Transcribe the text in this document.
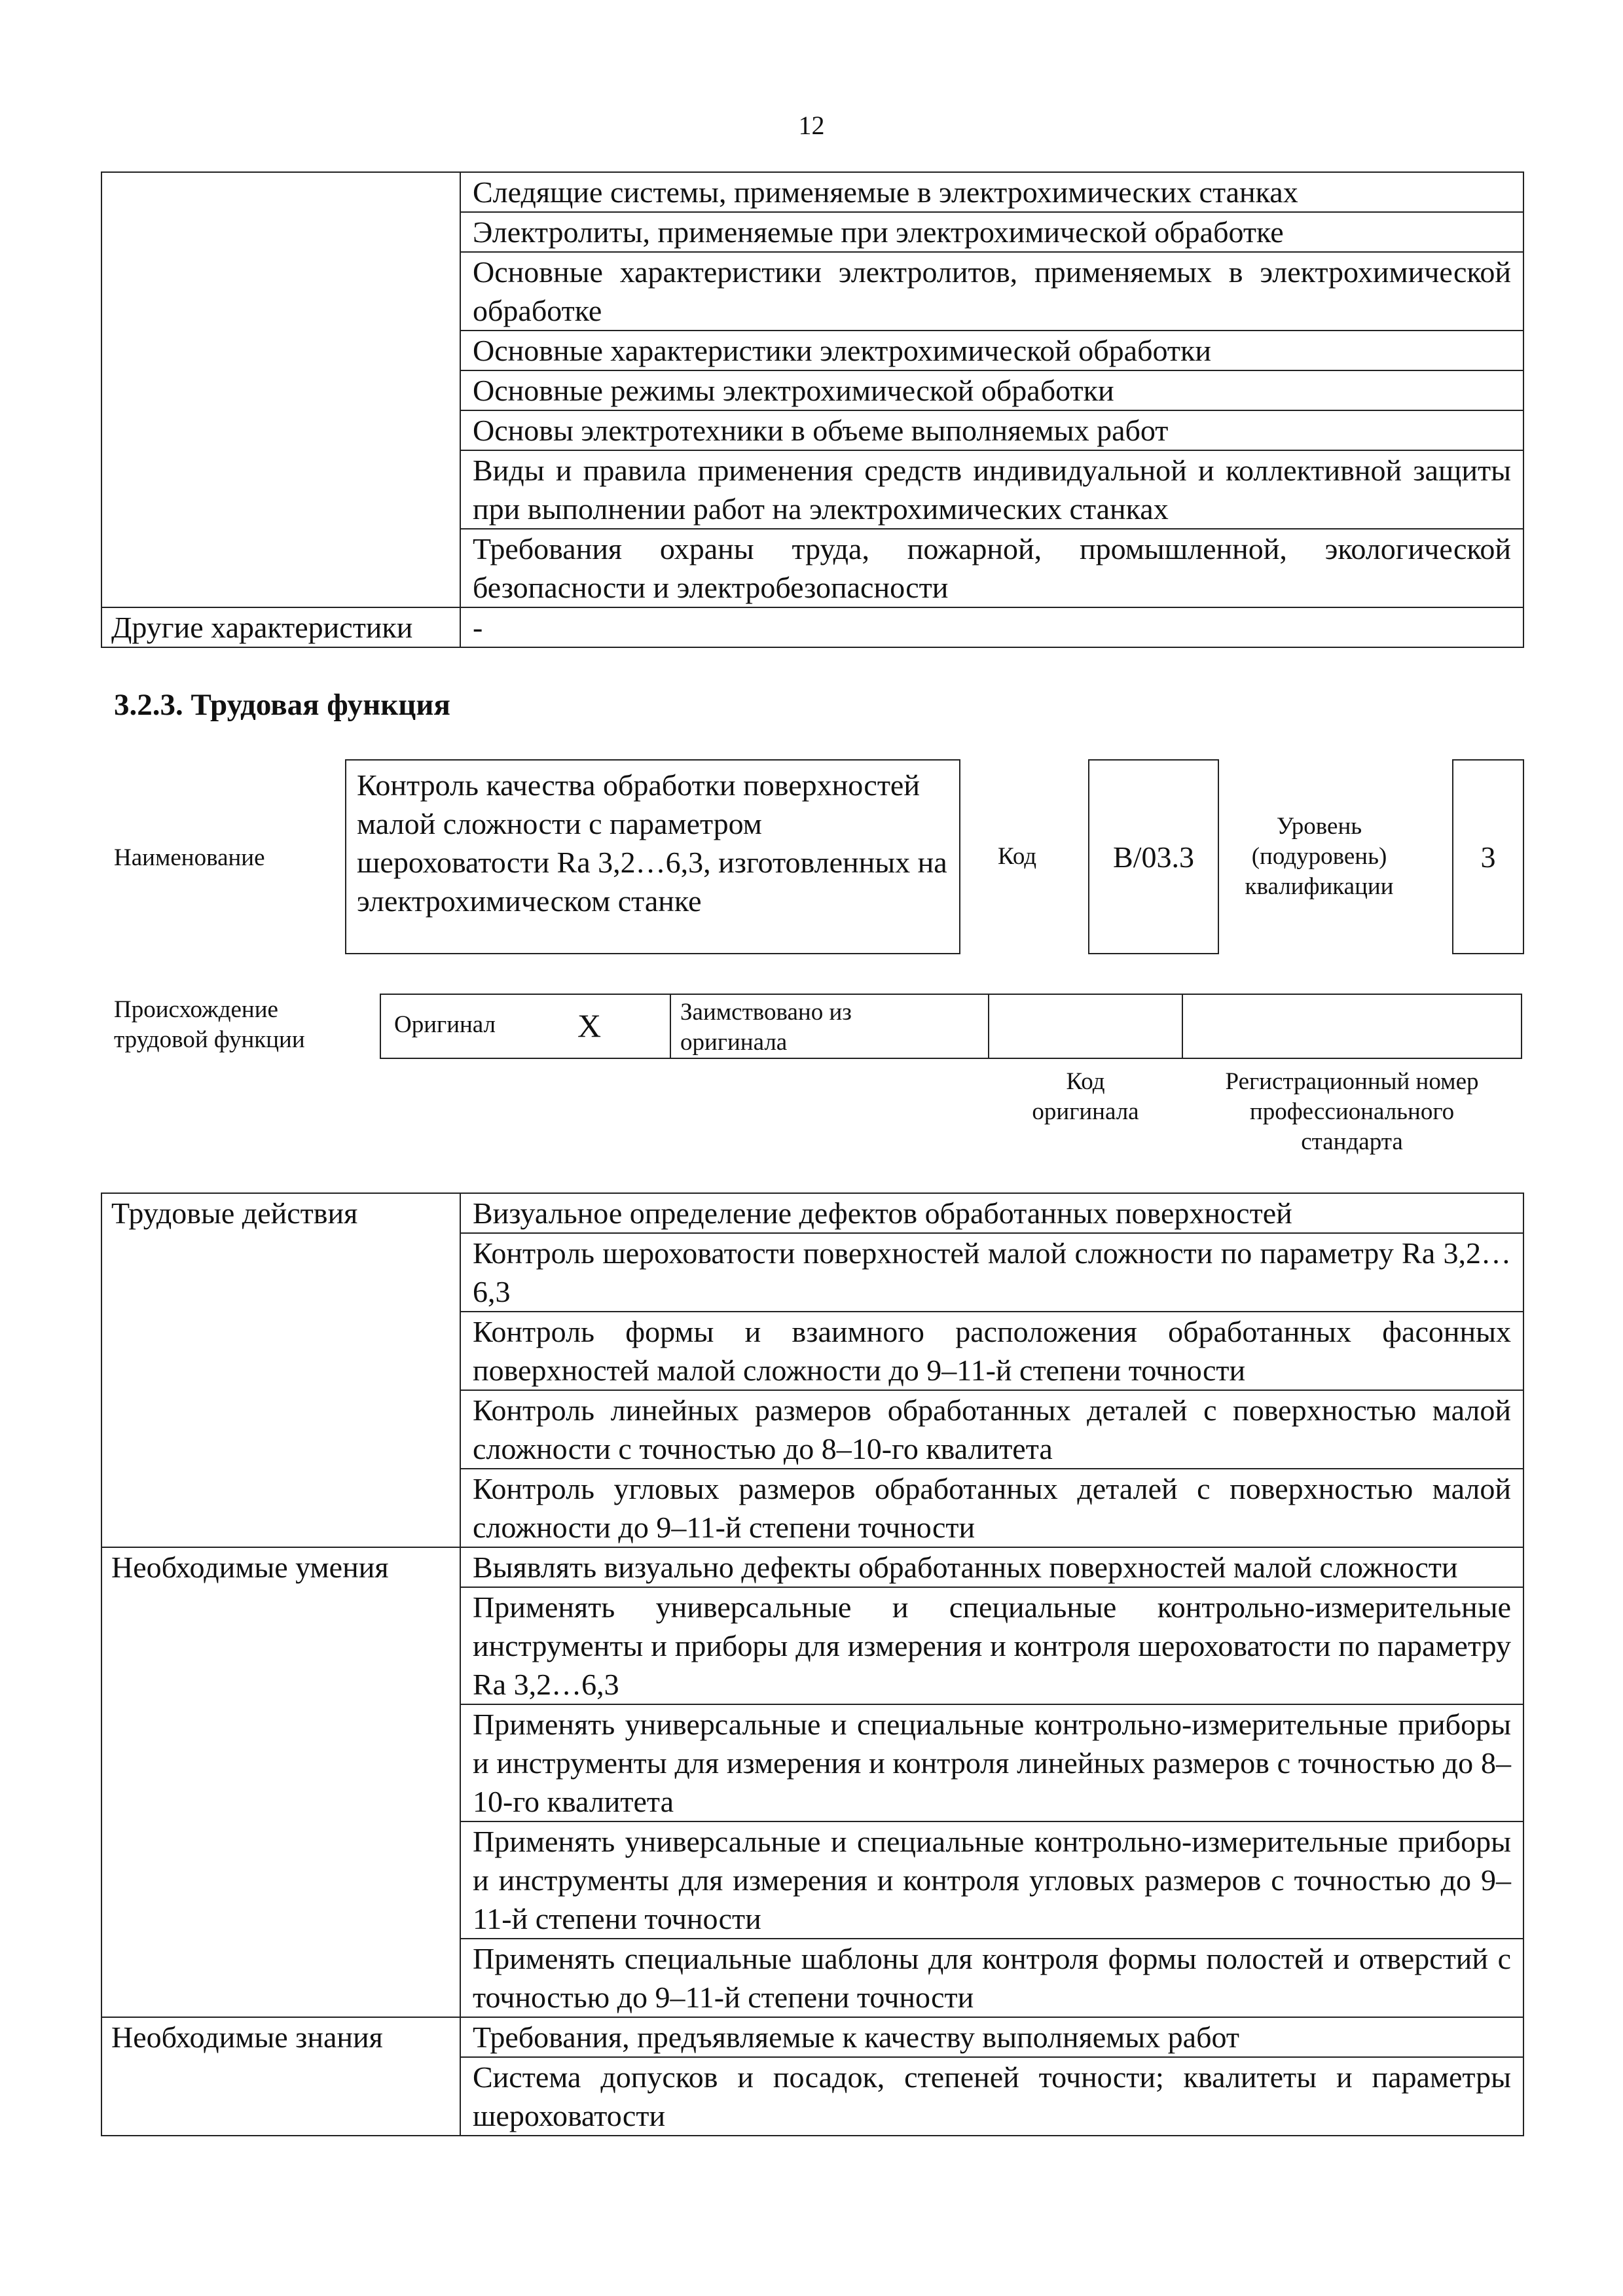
12
	Следящие системы, применяемые в электрохимических станках
	Электролиты, применяемые при электрохимической обработке
	Основные характеристики электролитов, применяемых в электрохимической обработке
	Основные характеристики электрохимической обработки
	Основные режимы электрохимической обработки
	Основы электротехники в объеме выполняемых работ
	Виды и правила применения средств индивидуальной и коллективной защиты при выполнении работ на электрохимических станках
	Требования охраны труда, пожарной, промышленной, экологической безопасности и электробезопасности
Другие характеристики	-
3.2.3. Трудовая функция
Наименование
Контроль качества обработки поверхностей малой сложности с параметром шероховатости Ra 3,2…6,3, изготовленных на электрохимическом станке
Код	B/03.3
Уровень
(подуровень)
квалификации
3
Происхождение
трудовой функции
Оригинал X	Заимствовано из
оригинала
Код
оригинала
Регистрационный номер
профессионального
стандарта
Трудовые действия	Визуальное определение дефектов обработанных поверхностей
	Контроль шероховатости поверхностей малой сложности по параметру Ra 3,2…6,3
	Контроль формы и взаимного расположения обработанных фасонных поверхностей малой сложности до 9–11-й степени точности
	Контроль линейных размеров обработанных деталей с поверхностью малой сложности с точностью до 8–10-го квалитета
	Контроль угловых размеров обработанных деталей с поверхностью малой сложности до 9–11-й степени точности
Необходимые умения	Выявлять визуально дефекты обработанных поверхностей малой сложности
	Применять универсальные и специальные контрольно-измерительные инструменты и приборы для измерения и контроля шероховатости по параметру Ra 3,2…6,3
	Применять универсальные и специальные контрольно-измерительные приборы и инструменты для измерения и контроля линейных размеров с точностью до 8–10-го квалитета
	Применять универсальные и специальные контрольно-измерительные приборы и инструменты для измерения и контроля угловых размеров с точностью до 9–11-й степени точности
	Применять специальные шаблоны для контроля формы полостей и отверстий с точностью до 9–11-й степени точности
Необходимые знания	Требования, предъявляемые к качеству выполняемых работ
	Система допусков и посадок, степеней точности; квалитеты и параметры шероховатости
